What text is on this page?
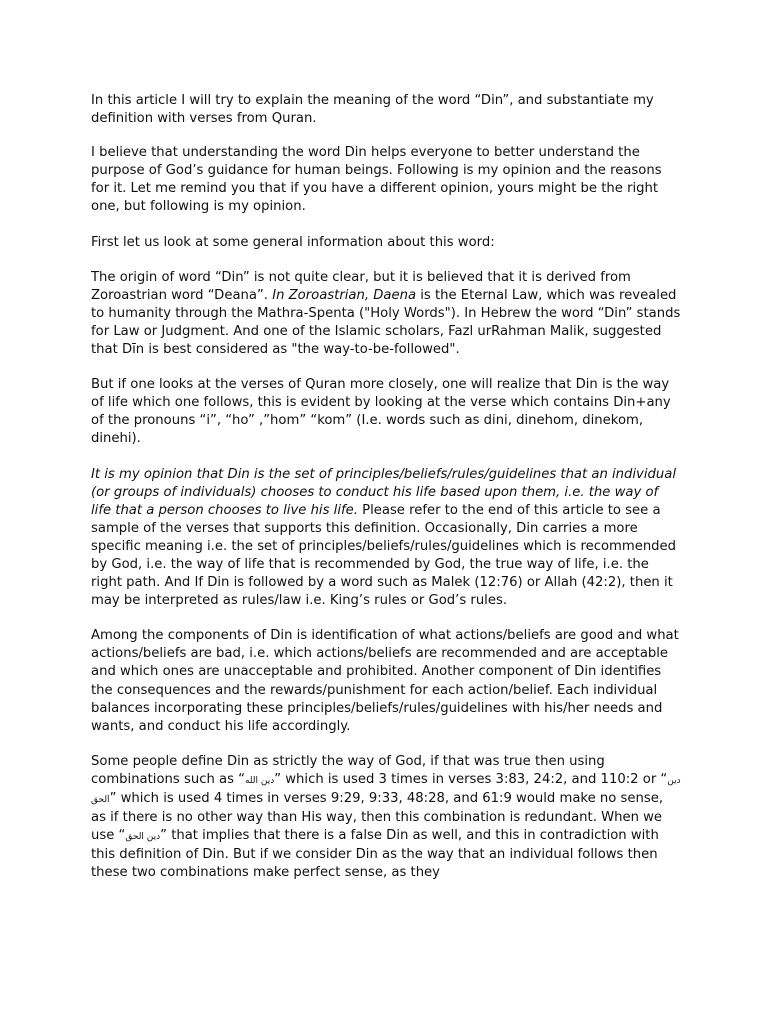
In this article I will try to explain the meaning of the word “Din”, and substantiate my definition with verses from Quran.

I believe that understanding the word Din helps everyone to better understand the purpose of God’s guidance for human beings. Following is my opinion and the reasons for it. Let me remind you that if you have a different opinion, yours might be the right one, but following is my opinion.

First let us look at some general information about this word:

The origin of word “Din” is not quite clear, but it is believed that it is derived from Zoroastrian word “Deana”. In Zoroastrian, Daena is the Eternal Law, which was revealed to humanity through the Mathra-Spenta ("Holy Words"). In Hebrew the word “Din” stands for Law or Judgment. And one of the Islamic scholars, Fazl urRahman Malik, suggested that Dīn is best considered as "the way-to-be-followed".

But if one looks at the verses of Quran more closely, one will realize that Din is the way of life which one follows, this is evident by looking at the verse which contains Din+any of the pronouns “i”, “ho” ,”hom” “kom” (I.e. words such as dini, dinehom, dinekom, dinehi).

It is my opinion that Din is the set of principles/beliefs/rules/guidelines that an individual (or groups of individuals) chooses to conduct his life based upon them, i.e. the way of life that a person chooses to live his life. Please refer to the end of this article to see a sample of the verses that supports this definition. Occasionally, Din carries a more specific meaning i.e. the set of principles/beliefs/rules/guidelines which is recommended by God, i.e. the way of life that is recommended by God, the true way of life, i.e. the right path. And If Din is followed by a word such as Malek (12:76) or Allah (42:2), then it may be interpreted as rules/law i.e. King’s rules or God’s rules.

Among the components of Din is identification of what actions/beliefs are good and what actions/beliefs are bad, i.e. which actions/beliefs are recommended and are acceptable and which ones are unacceptable and prohibited. Another component of Din identifies the consequences and the rewards/punishment for each action/belief. Each individual balances incorporating these principles/beliefs/rules/guidelines with his/her needs and wants, and conduct his life accordingly.

Some people define Din as strictly the way of God, if that was true then using combinations such as “دين الله” which is used 3 times in verses 3:83, 24:2, and 110:2 or “دين الحق” which is used 4 times in verses 9:29, 9:33, 48:28, and 61:9 would make no sense, as if there is no other way than His way, then this combination is redundant. When we use “دين الحق” that implies that there is a false Din as well, and this in contradiction with this definition of Din. But if we consider Din as the way that an individual follows then these two combinations make perfect sense, as they
